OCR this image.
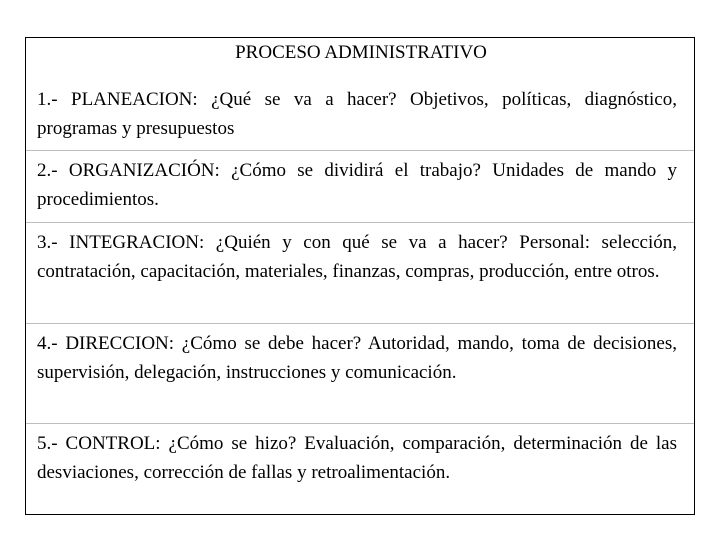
PROCESO ADMINISTRATIVO

1.- PLANEACION: ¿Qué se va a hacer? Objetivos, políticas, diagnóstico, programas y presupuestos

2.- ORGANIZACIÓN: ¿Cómo se dividirá el trabajo? Unidades de mando y procedimientos.

3.- INTEGRACION: ¿Quién y con qué se va a hacer? Personal: selección, contratación, capacitación, materiales, finanzas, compras, producción, entre otros.

4.- DIRECCION: ¿Cómo se debe hacer? Autoridad, mando, toma de decisiones, supervisión, delegación, instrucciones y comunicación.

5.- CONTROL: ¿Cómo se hizo? Evaluación, comparación, determinación de las desviaciones, corrección de fallas y retroalimentación.
